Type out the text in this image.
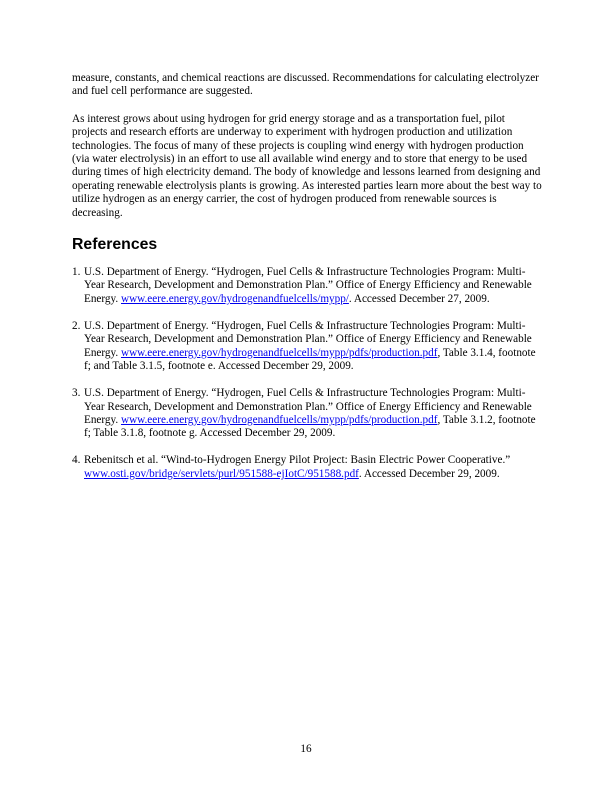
measure, constants, and chemical reactions are discussed. Recommendations for calculating electrolyzer and fuel cell performance are suggested.

As interest grows about using hydrogen for grid energy storage and as a transportation fuel, pilot projects and research efforts are underway to experiment with hydrogen production and utilization technologies. The focus of many of these projects is coupling wind energy with hydrogen production (via water electrolysis) in an effort to use all available wind energy and to store that energy to be used during times of high electricity demand. The body of knowledge and lessons learned from designing and operating renewable electrolysis plants is growing. As interested parties learn more about the best way to utilize hydrogen as an energy carrier, the cost of hydrogen produced from renewable sources is decreasing.

References
1. U.S. Department of Energy. “Hydrogen, Fuel Cells & Infrastructure Technologies Program: Multi-Year Research, Development and Demonstration Plan.” Office of Energy Efficiency and Renewable Energy. www.eere.energy.gov/hydrogenandfuelcells/mypp/. Accessed December 27, 2009.
2. U.S. Department of Energy. “Hydrogen, Fuel Cells & Infrastructure Technologies Program: Multi-Year Research, Development and Demonstration Plan.” Office of Energy Efficiency and Renewable Energy. www.eere.energy.gov/hydrogenandfuelcells/mypp/pdfs/production.pdf, Table 3.1.4, footnote f; and Table 3.1.5, footnote e. Accessed December 29, 2009.
3. U.S. Department of Energy. “Hydrogen, Fuel Cells & Infrastructure Technologies Program: Multi-Year Research, Development and Demonstration Plan.” Office of Energy Efficiency and Renewable Energy. www.eere.energy.gov/hydrogenandfuelcells/mypp/pdfs/production.pdf, Table 3.1.2, footnote f; Table 3.1.8, footnote g. Accessed December 29, 2009.
4. Rebenitsch et al. “Wind-to-Hydrogen Energy Pilot Project: Basin Electric Power Cooperative.” www.osti.gov/bridge/servlets/purl/951588-ejIotC/951588.pdf. Accessed December 29, 2009.
16
